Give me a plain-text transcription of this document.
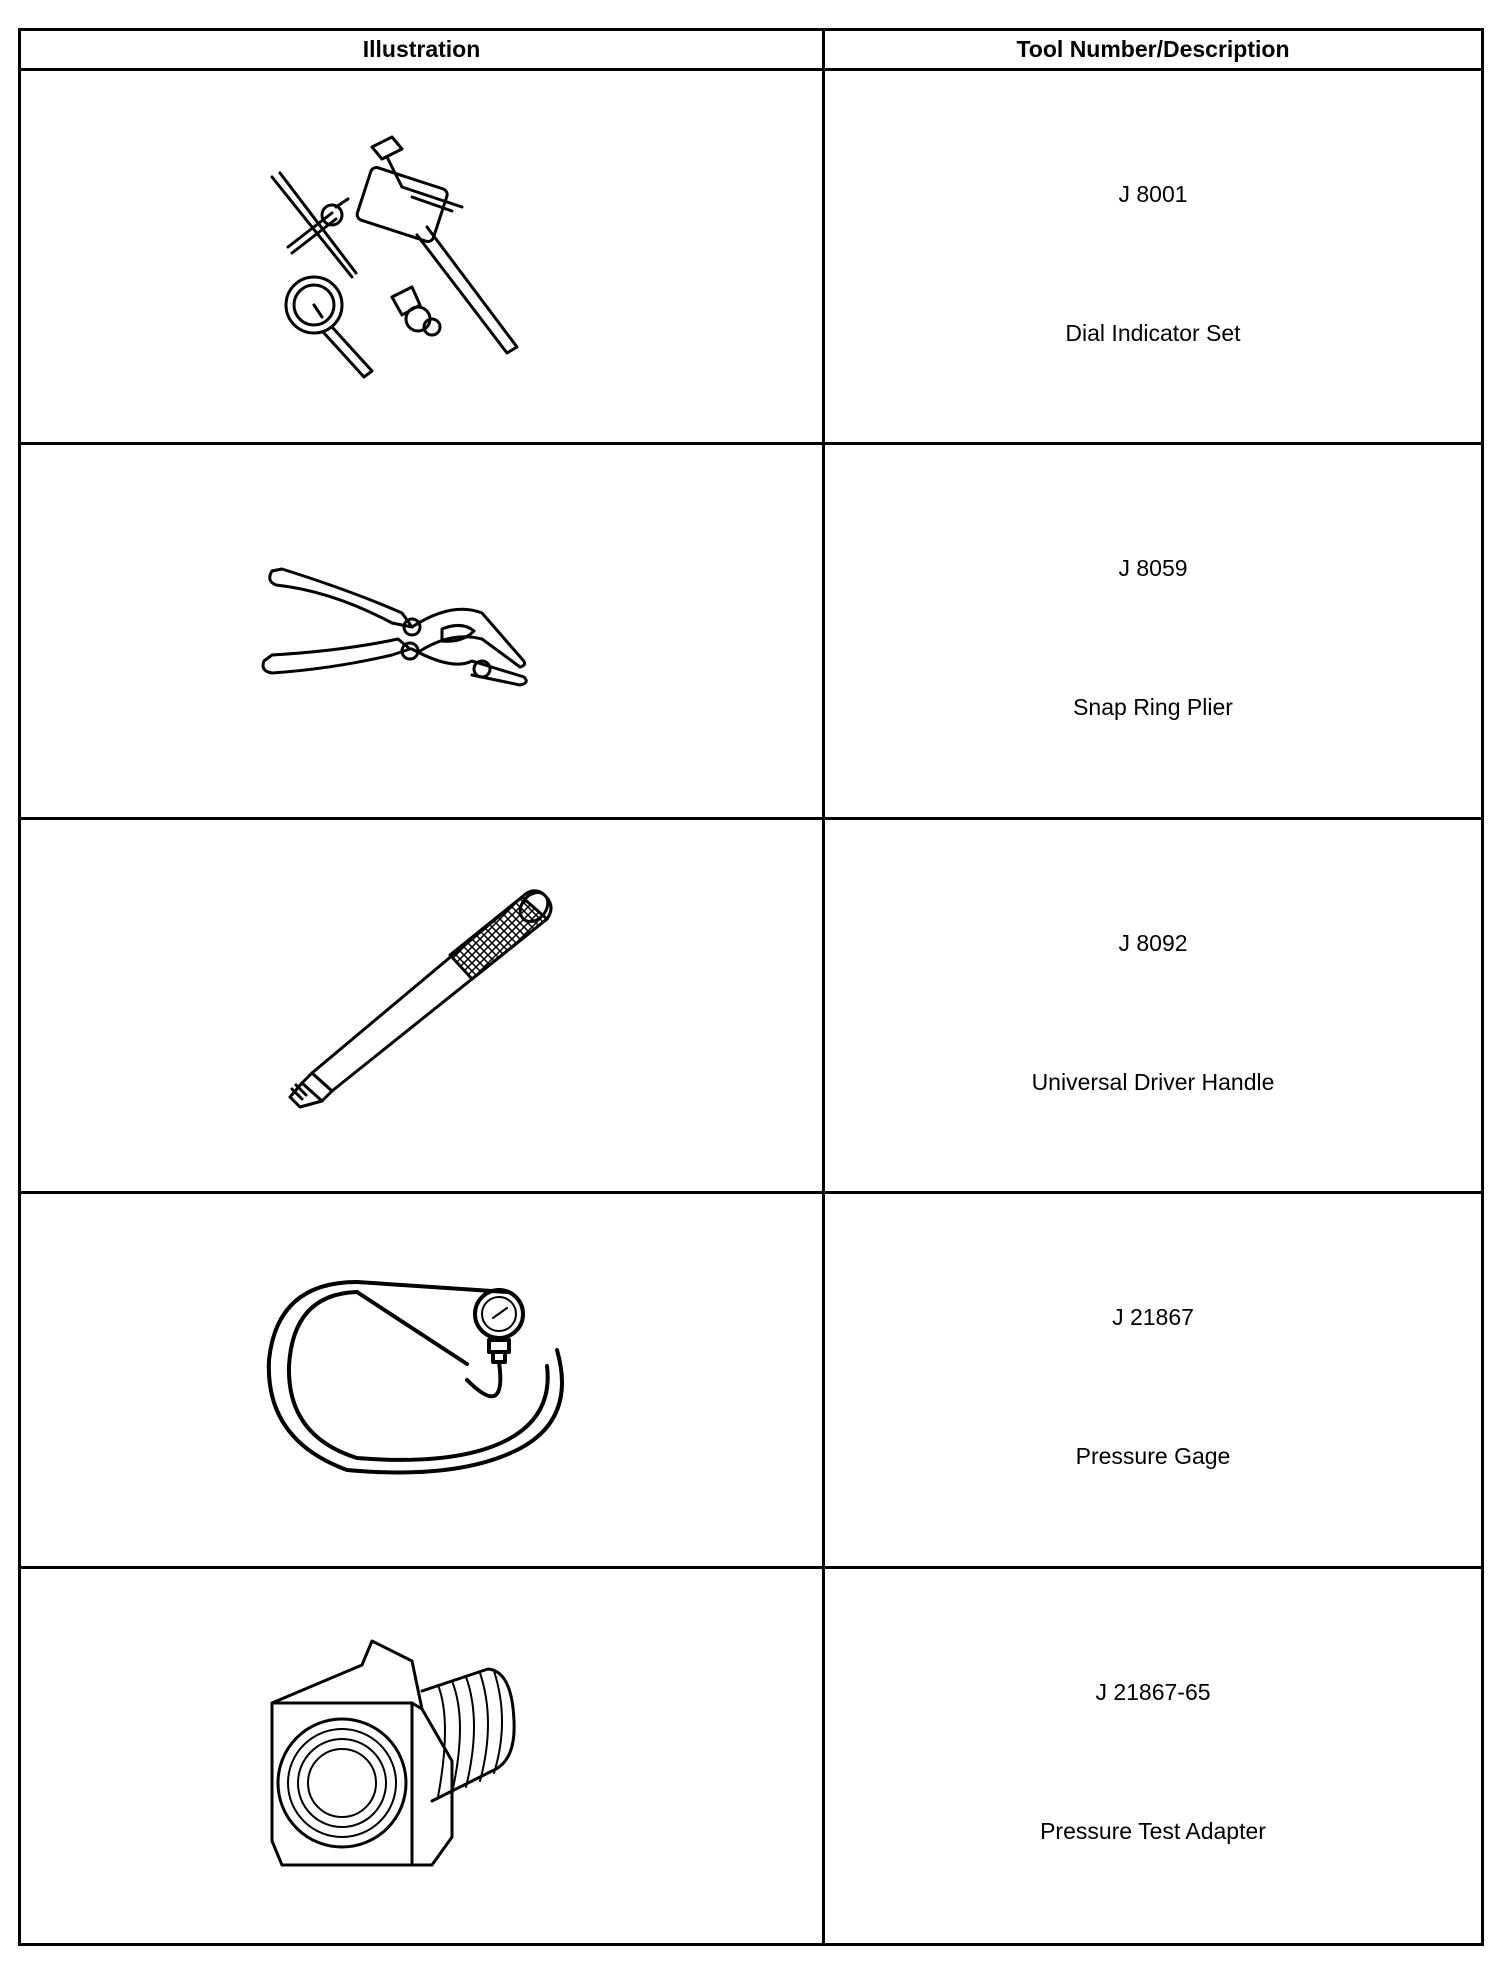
Illustration	Tool Number/Description
J 8001
Dial Indicator Set
J 8059
Snap Ring Plier
J 8092
Universal Driver Handle
J 21867
Pressure Gage
J 21867-65
Pressure Test Adapter
